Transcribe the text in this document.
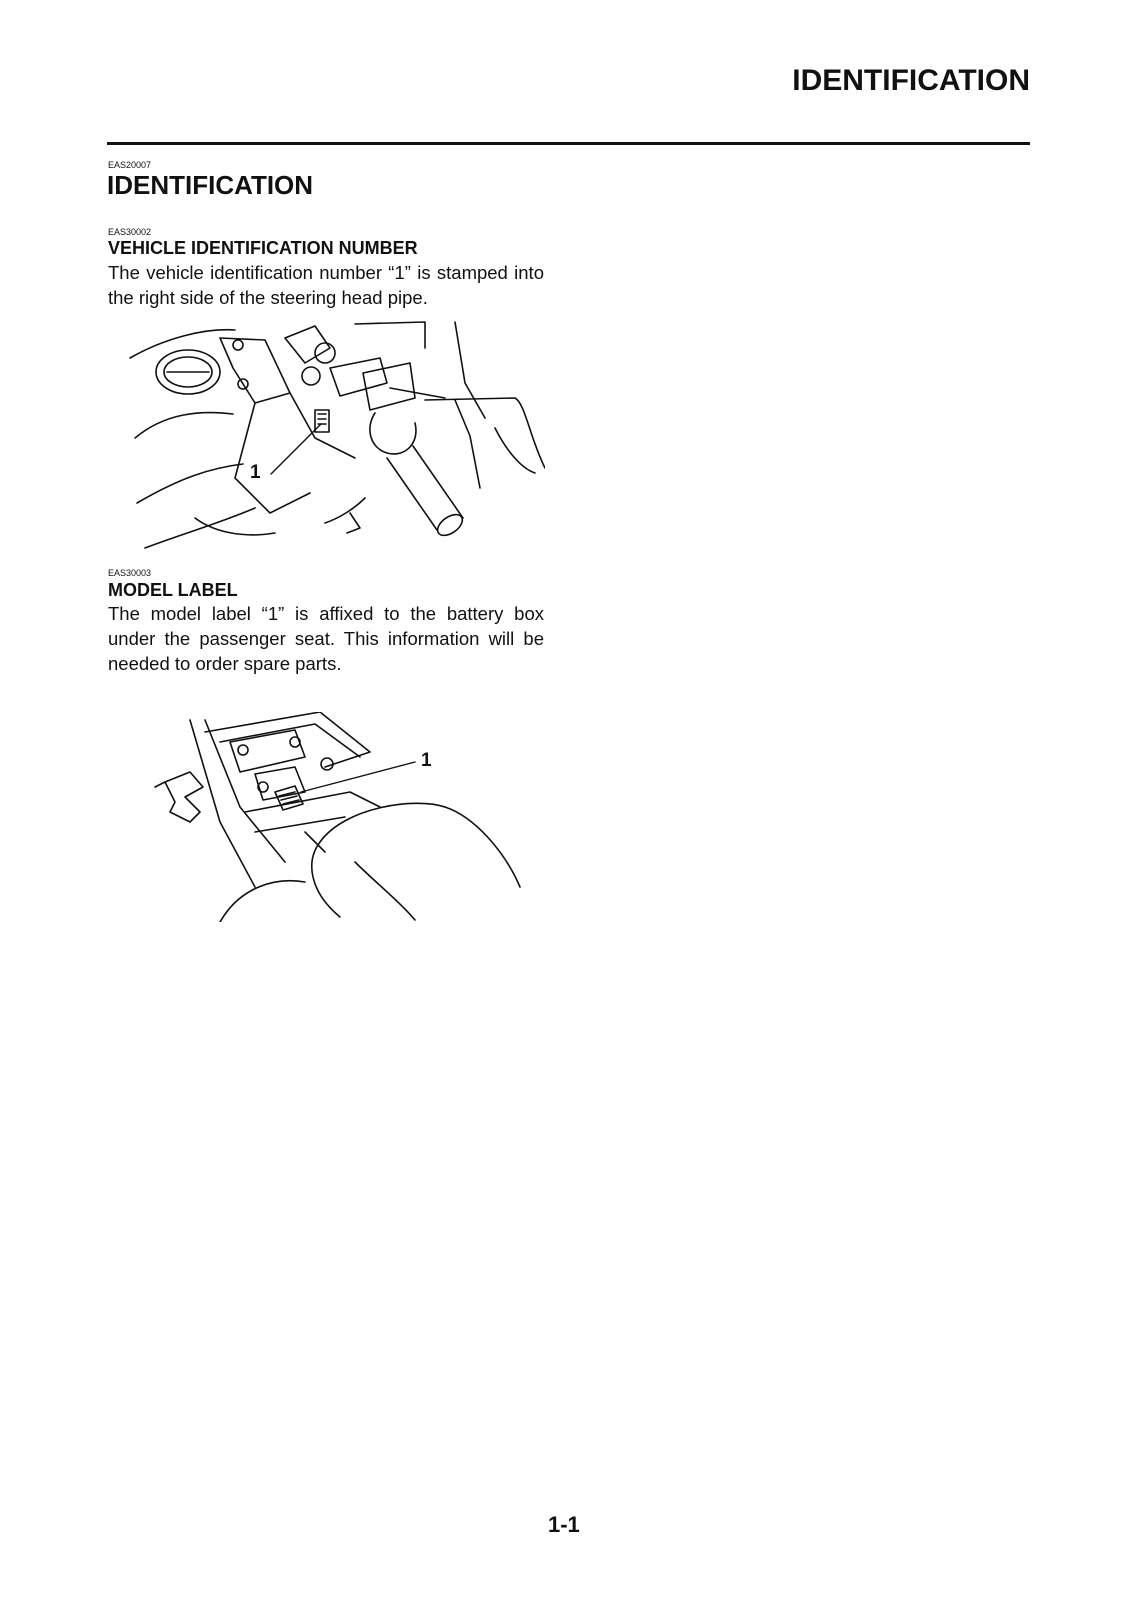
IDENTIFICATION
EAS20007
IDENTIFICATION
EAS30002
VEHICLE IDENTIFICATION NUMBER

The vehicle identification number “1” is stamped into the right side of the steering head pipe.

1
EAS30003
MODEL LABEL

The model label “1” is affixed to the battery box under the passenger seat. This information will be needed to order spare parts.

1
1-1
